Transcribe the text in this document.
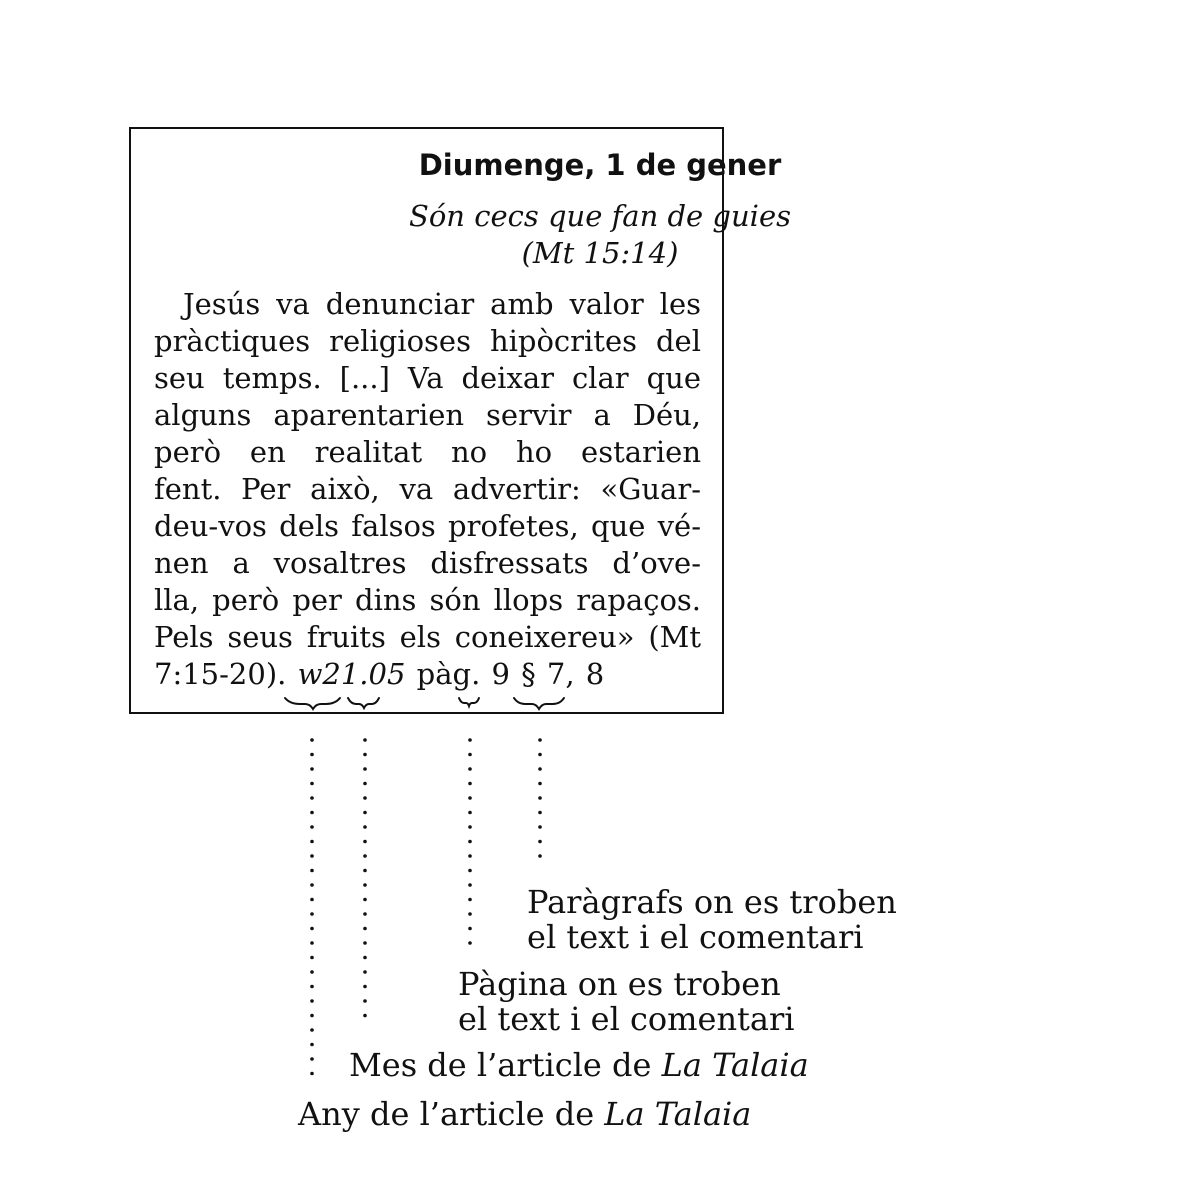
Diumenge, 1 de gener
Són cecs que fan de guies
(Mt 15:14)
Jesús va denunciar amb valor les
pràctiques religioses hipòcrites del
seu temps. [...] Va deixar clar que
alguns aparentarien servir a Déu,
però en realitat no ho estarien
fent. Per això, va advertir: «Guar-
deu-vos dels falsos profetes, que vé-
nen a vosaltres disfressats d’ove-
lla, però per dins són llops rapaços.
Pels seus fruits els coneixereu» (Mt
7:15-20). w21.05 pàg. 9 § 7, 8
Paràgrafs on es troben
el text i el comentari
Pàgina on es troben
el text i el comentari
Mes de l’article de La Talaia
Any de l’article de La Talaia
